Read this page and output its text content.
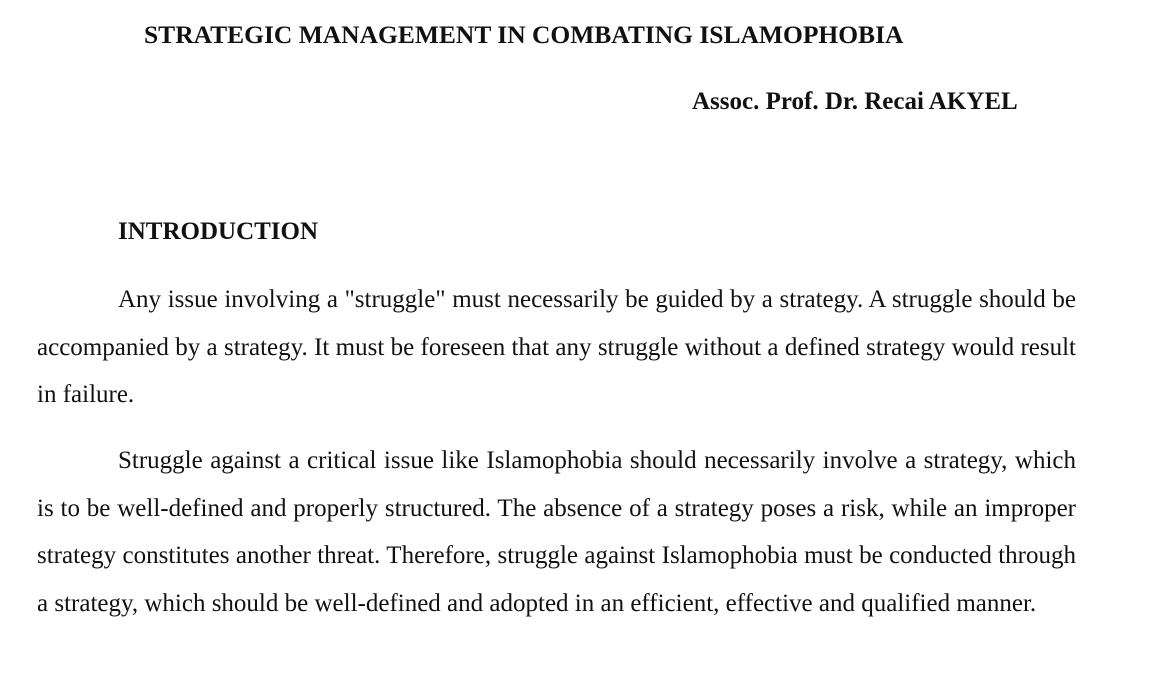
STRATEGIC MANAGEMENT IN COMBATING ISLAMOPHOBIA

Assoc. Prof. Dr. Recai AKYEL

INTRODUCTION

Any issue involving a "struggle" must necessarily be guided by a strategy. A struggle should be accompanied by a strategy. It must be foreseen that any struggle without a defined strategy would result in failure.

Struggle against a critical issue like Islamophobia should necessarily involve a strategy, which is to be well-defined and properly structured. The absence of a strategy poses a risk, while an improper strategy constitutes another threat. Therefore, struggle against Islamophobia must be conducted through a strategy, which should be well-defined and adopted in an efficient, effective and qualified manner.
